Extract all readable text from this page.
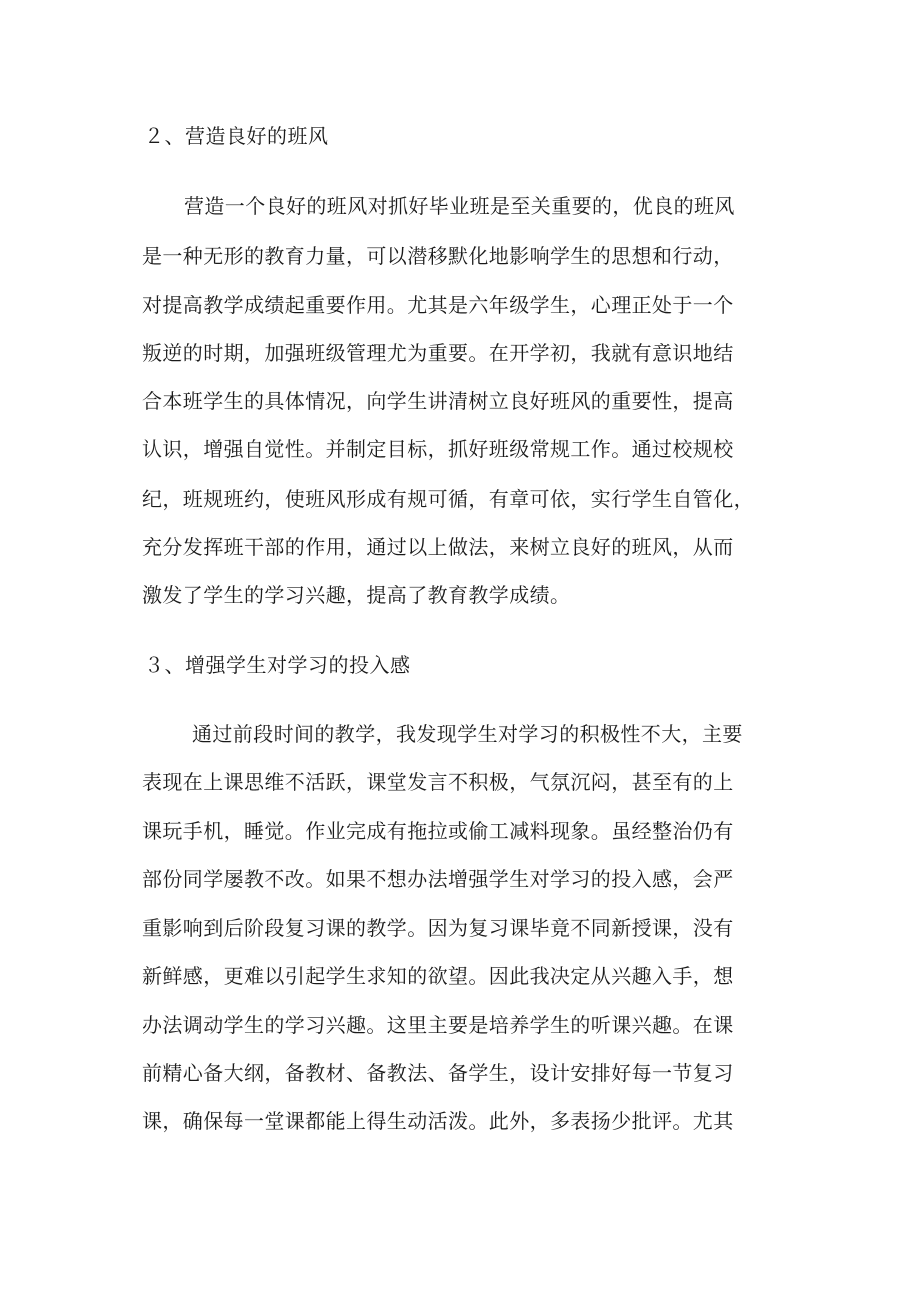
２、营造良好的班风
营造一个良好的班风对抓好毕业班是至关重要的，优良的班风
是一种无形的教育力量，可以潜移默化地影响学生的思想和行动，
对提高教学成绩起重要作用。尤其是六年级学生，心理正处于一个
叛逆的时期，加强班级管理尤为重要。在开学初，我就有意识地结
合本班学生的具体情况，向学生讲清树立良好班风的重要性，提高
认识，增强自觉性。并制定目标，抓好班级常规工作。通过校规校
纪，班规班约，使班风形成有规可循，有章可依，实行学生自管化，
充分发挥班干部的作用，通过以上做法，来树立良好的班风，从而
激发了学生的学习兴趣，提高了教育教学成绩。
３、增强学生对学习的投入感
通过前段时间的教学，我发现学生对学习的积极性不大，主要
表现在上课思维不活跃，课堂发言不积极，气氛沉闷，甚至有的上
课玩手机，睡觉。作业完成有拖拉或偷工减料现象。虽经整治仍有
部份同学屡教不改。如果不想办法增强学生对学习的投入感，会严
重影响到后阶段复习课的教学。因为复习课毕竟不同新授课，没有
新鲜感，更难以引起学生求知的欲望。因此我决定从兴趣入手，想
办法调动学生的学习兴趣。这里主要是培养学生的听课兴趣。在课
前精心备大纲，备教材、备教法、备学生，设计安排好每一节复习
课，确保每一堂课都能上得生动活泼。此外，多表扬少批评。尤其
